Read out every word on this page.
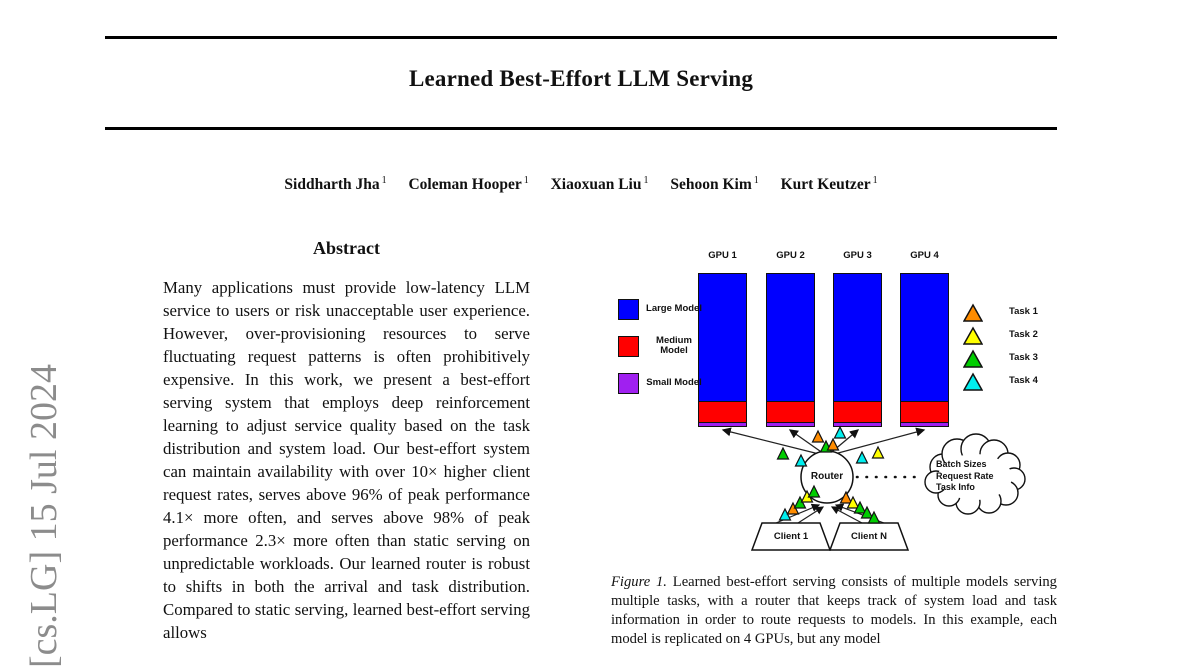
Learned Best-Effort LLM Serving
Siddharth Jha $^1$ Coleman Hooper $^1$ Xiaoxuan Liu $^1$ Sehoon Kim $^1$ Kurt Keutzer $^1$
[cs.LG] 15 Jul 2024
Abstract

Many applications must provide low-latency LLM service to users or risk unacceptable user experience. However, over-provisioning resources to serve fluctuating request patterns is often prohibitively expensive. In this work, we present a best-effort serving system that employs deep reinforcement learning to adjust service quality based on the task distribution and system load. Our best-effort system can maintain availability with over 10× higher client request rates, serves above 96% of peak performance 4.1× more often, and serves above 98% of peak performance 2.3× more often than static serving on unpredictable workloads. Our learned router is robust to shifts in both the arrival and task distribution. Compared to static serving, learned best-effort serving allows

GPU 1	GPU 2	GPU 3	GPU 4
Large Model
Medium Model
Small Model
Task 1
Task 2
Task 3
Task 4
Router
Batch Sizes
Request Rate
Task Info
Client 1	Client N
Figure 1. Learned best-effort serving consists of multiple models serving multiple tasks, with a router that keeps track of system load and task information in order to route requests to models. In this example, each model is replicated on 4 GPUs, but any model
